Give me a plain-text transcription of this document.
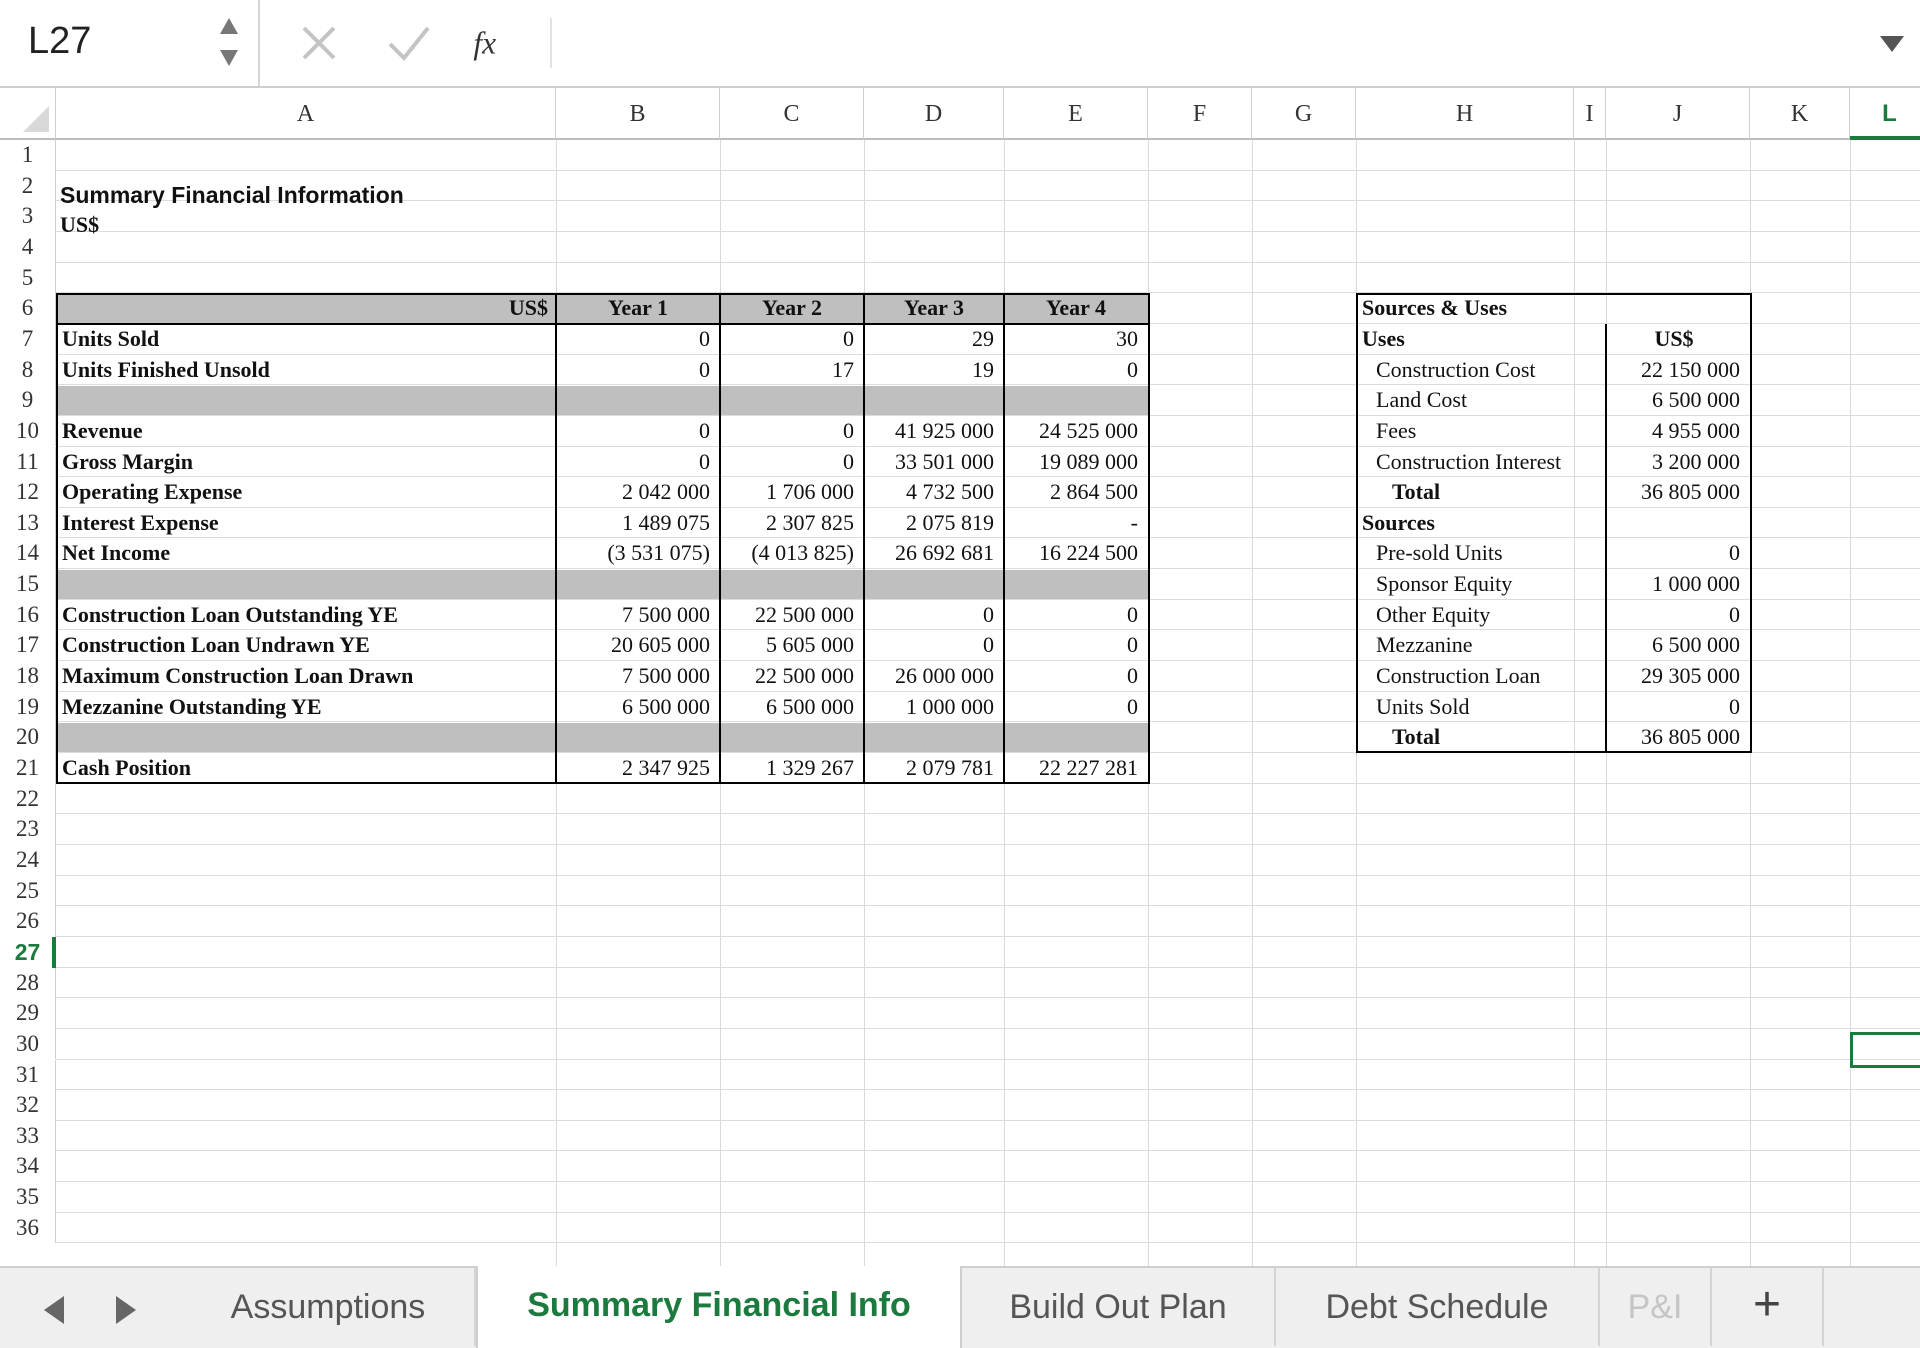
L27	fx
A	B	C	D	E	F	G	H	I	J	K	L
1
2
3
4
5
6
7
8
9
10
11
12
13
14
15
16
17
18
19
20
21
22
23
24
25
26
27
28
29
30
31
32
33
34
35
36
Summary Financial Information
US$
US$	Year 1	Year 2	Year 3	Year 4
Units Sold	0	0	29	30
Units Finished Unsold	0	17	19	0
Revenue	0	0	41 925 000	24 525 000
Gross Margin	0	0	33 501 000	19 089 000
Operating Expense	2 042 000	1 706 000	4 732 500	2 864 500
Interest Expense	1 489 075	2 307 825	2 075 819	-
Net Income	(3 531 075)	(4 013 825)	26 692 681	16 224 500
Construction Loan Outstanding YE	7 500 000	22 500 000	0	0
Construction Loan Undrawn YE	20 605 000	5 605 000	0	0
Maximum Construction Loan Drawn	7 500 000	22 500 000	26 000 000	0
Mezzanine Outstanding YE	6 500 000	6 500 000	1 000 000	0
Cash Position	2 347 925	1 329 267	2 079 781	22 227 281
Sources & Uses
Uses	US$
Construction Cost	22 150 000
Land Cost	6 500 000
Fees	4 955 000
Construction Interest	3 200 000
Total	36 805 000
Sources
Pre-sold Units	0
Sponsor Equity	1 000 000
Other Equity	0
Mezzanine	6 500 000
Construction Loan	29 305 000
Units Sold	0
Total	36 805 000
Assumptions	Summary Financial Info	Build Out Plan	Debt Schedule	P&I	+
